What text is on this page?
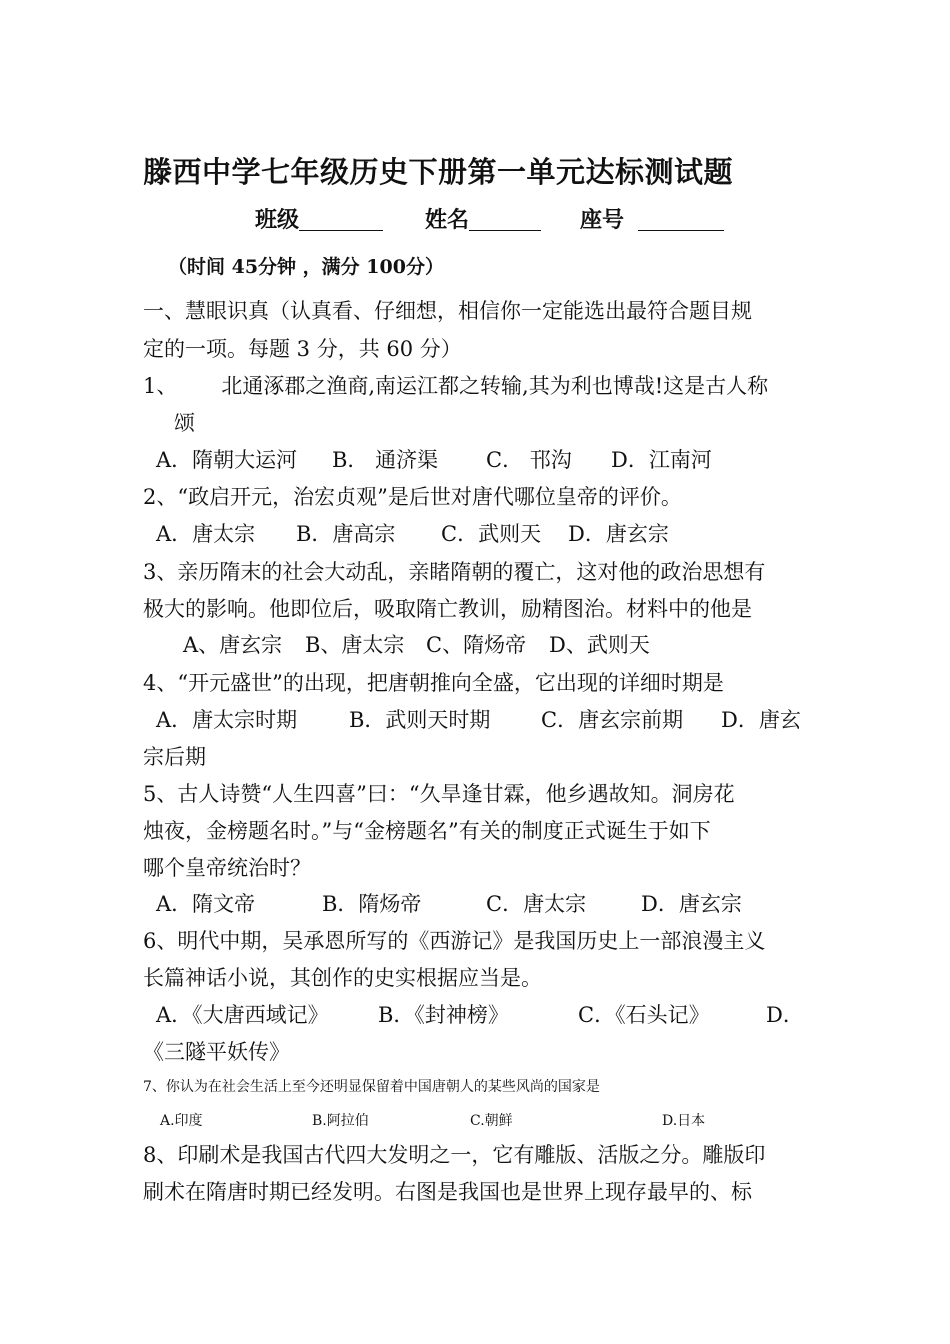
滕西中学七年级历史下册第一单元达标测试题
班级	姓名	座号
（时间 45分钟 ，满分 100分）
一、慧眼识真（认真看、仔细想，相信你一定能选出最符合题目规
定的一项。每题 3 分，共 60 分）
1、 北通涿郡之渔商,南运江都之转输,其为利也博哉!这是古人称
颂
A．隋朝大运河 B． 通济渠 C． 邗沟 D．江南河
2、“政启开元，治宏贞观”是后世对唐代哪位皇帝的评价。
A．唐太宗 B．唐高宗 C．武则天 D．唐玄宗
3、亲历隋末的社会大动乱，亲睹隋朝的覆亡，这对他的政治思想有
极大的影响。他即位后，吸取隋亡教训，励精图治。材料中的他是
A、唐玄宗 B、唐太宗 C、隋炀帝 D、武则天
4、“开元盛世”的出现，把唐朝推向全盛，它出现的详细时期是
A．唐太宗时期 B．武则天时期 C．唐玄宗前期 D．唐玄
宗后期
5、古人诗赞“人生四喜”曰：“久旱逢甘霖，他乡遇故知。洞房花
烛夜，金榜题名时。”与“金榜题名”有关的制度正式诞生于如下
哪个皇帝统治时？
A．隋文帝	B．隋炀帝	C．唐太宗	D．唐玄宗
6、明代中期，吴承恩所写的《西游记》是我国历史上一部浪漫主义
长篇神话小说，其创作的史实根据应当是。
A．《大唐西域记》 B．《封神榜》	C．《石头记》	D．
《三隧平妖传》
7、你认为在社会生活上至今还明显保留着中国唐朝人的某些风尚的国家是
A.印度	B.阿拉伯	C.朝鲜	D.日本
8、印刷术是我国古代四大发明之一，它有雕版、活版之分。雕版印
刷术在隋唐时期已经发明。右图是我国也是世界上现存最早的、标
